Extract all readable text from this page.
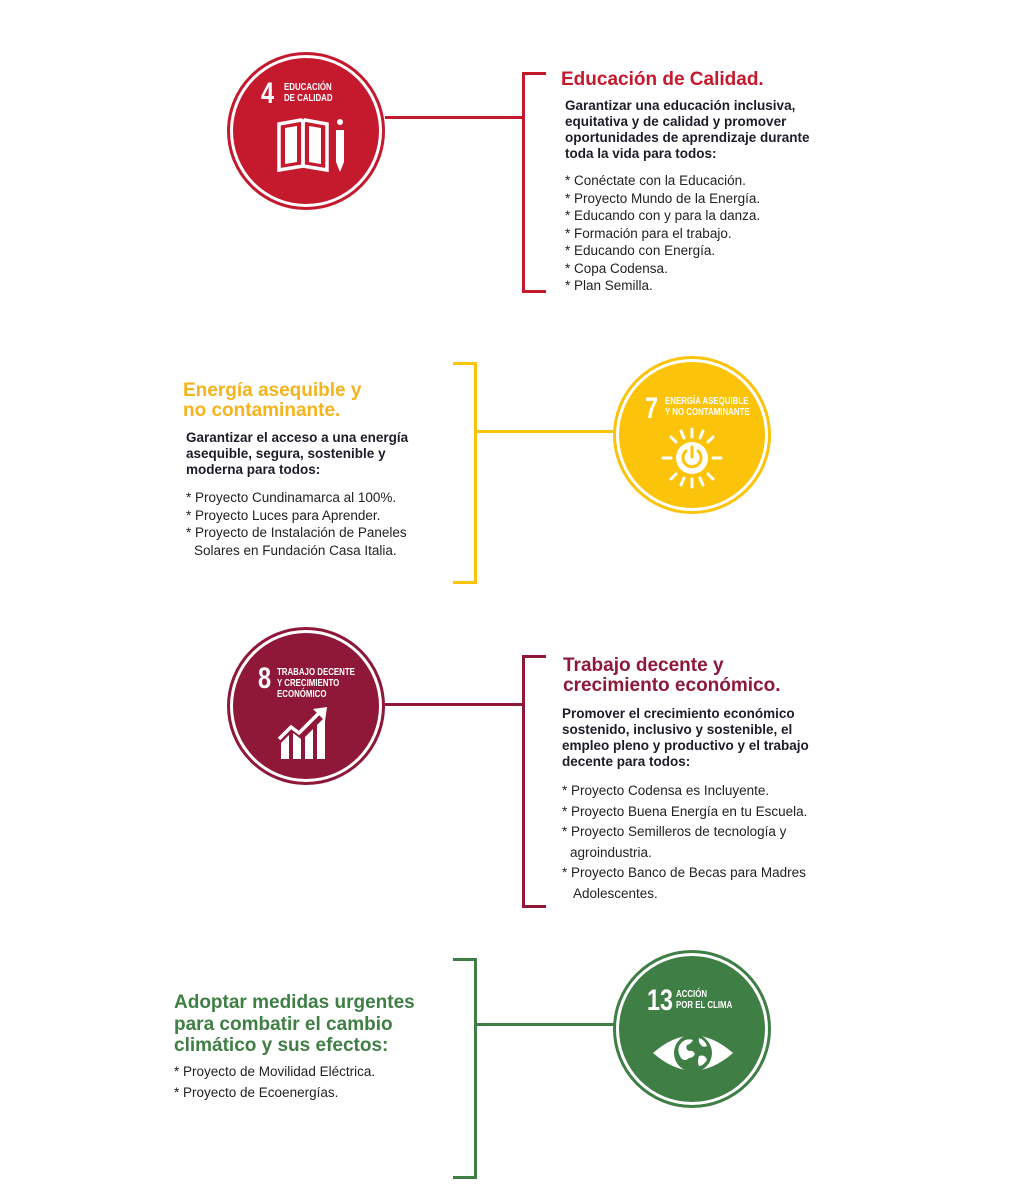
4 EDUCACIÓN
DE CALIDAD
Educación de Calidad.
Garantizar una educación inclusiva, equitativa y de calidad y promover oportunidades de aprendizaje durante toda la vida para todos:
* Conéctate con la Educación.
* Proyecto Mundo de la Energía.
* Educando con y para la danza.
* Formación para el trabajo.
* Educando con Energía.
* Copa Codensa.
* Plan Semilla.
Energía asequible y
no contaminante.
Garantizar el acceso a una energía asequible, segura, sostenible y moderna para todos:
* Proyecto Cundinamarca al 100%.
* Proyecto Luces para Aprender.
* Proyecto de Instalación de Paneles
Solares en Fundación Casa Italia.
7 ENERGÍA ASEQUIBLE
Y NO CONTAMINANTE
8 TRABAJO DECENTE
Y CRECIMIENTO
ECONÓMICO
Trabajo decente y
crecimiento económico.
Promover el crecimiento económico sostenido, inclusivo y sostenible, el empleo pleno y productivo y el trabajo decente para todos:
* Proyecto Codensa es Incluyente.
* Proyecto Buena Energía en tu Escuela.
* Proyecto Semilleros de tecnología y
agroindustria.
* Proyecto Banco de Becas para Madres
Adolescentes.
Adoptar medidas urgentes
para combatir el cambio
climático y sus efectos:
* Proyecto de Movilidad Eléctrica.
* Proyecto de Ecoenergías.
13 ACCIÓN
POR EL CLIMA
